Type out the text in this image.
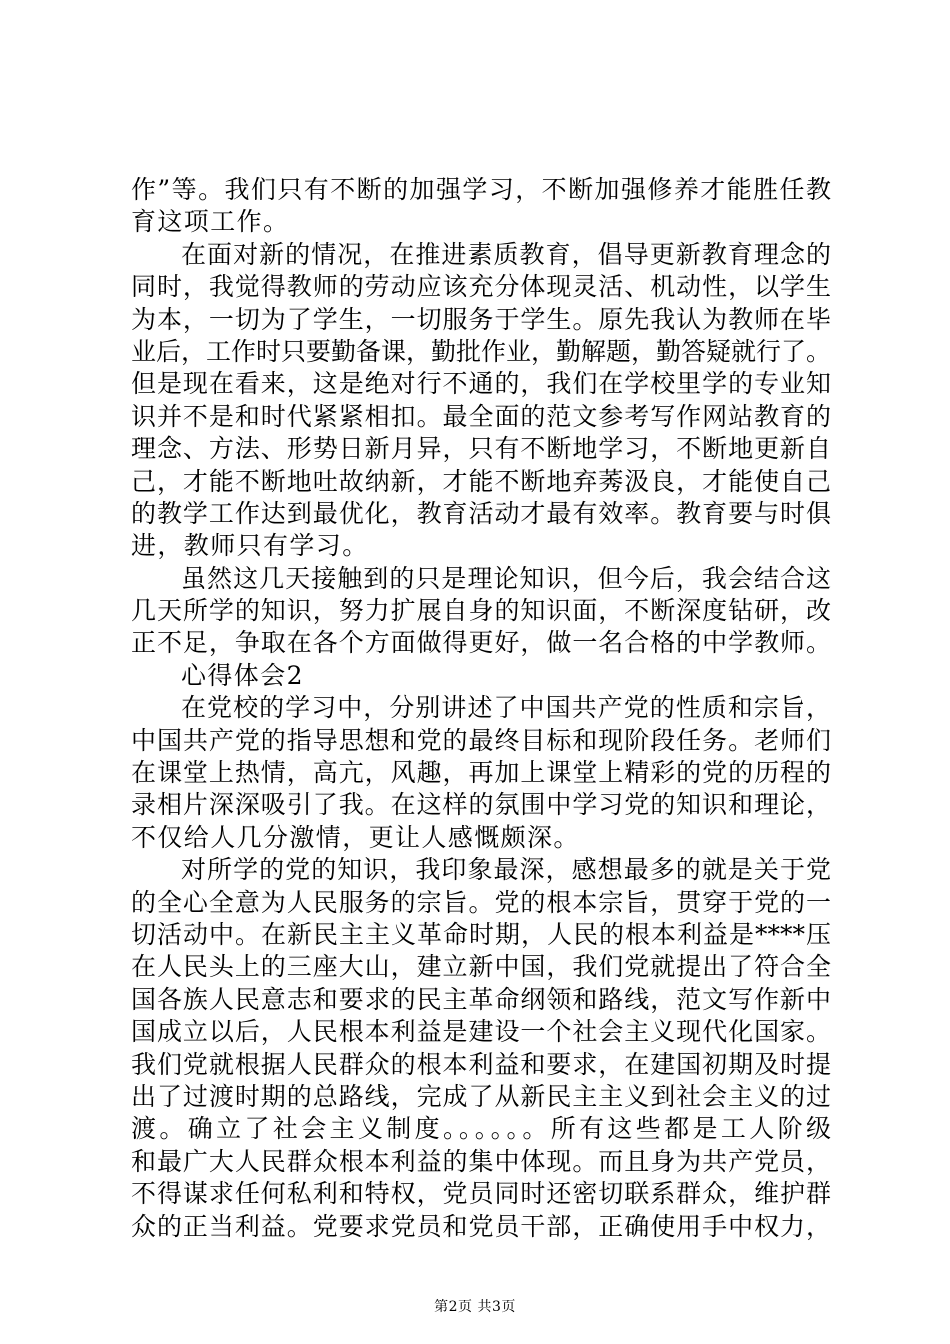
作”等。我们只有不断的加强学习，不断加强修养才能胜任教
育这项工作。
在面对新的情况，在推进素质教育，倡导更新教育理念的
同时，我觉得教师的劳动应该充分体现灵活、机动性，以学生
为本，一切为了学生，一切服务于学生。原先我认为教师在毕
业后，工作时只要勤备课，勤批作业，勤解题，勤答疑就行了。
但是现在看来，这是绝对行不通的，我们在学校里学的专业知
识并不是和时代紧紧相扣。最全面的范文参考写作网站教育的
理念、方法、形势日新月异，只有不断地学习，不断地更新自
己，才能不断地吐故纳新，才能不断地弃莠汲良，才能使自己
的教学工作达到最优化，教育活动才最有效率。教育要与时俱
进，教师只有学习。
虽然这几天接触到的只是理论知识，但今后，我会结合这
几天所学的知识，努力扩展自身的知识面，不断深度钻研，改
正不足，争取在各个方面做得更好，做一名合格的中学教师。
心得体会2
在党校的学习中，分别讲述了中国共产党的性质和宗旨，
中国共产党的指导思想和党的最终目标和现阶段任务。老师们
在课堂上热情，高亢，风趣，再加上课堂上精彩的党的历程的
录相片深深吸引了我。在这样的氛围中学习党的知识和理论，
不仅给人几分激情，更让人感慨颇深。
对所学的党的知识，我印象最深，感想最多的就是关于党
的全心全意为人民服务的宗旨。党的根本宗旨，贯穿于党的一
切活动中。在新民主主义革命时期，人民的根本利益是****压
在人民头上的三座大山，建立新中国，我们党就提出了符合全
国各族人民意志和要求的民主革命纲领和路线，范文写作新中
国成立以后，人民根本利益是建设一个社会主义现代化国家。
我们党就根据人民群众的根本利益和要求，在建国初期及时提
出了过渡时期的总路线，完成了从新民主主义到社会主义的过
渡。确立了社会主义制度。。。。。。所有这些都是工人阶级
和最广大人民群众根本利益的集中体现。而且身为共产党员，
不得谋求任何私利和特权，党员同时还密切联系群众，维护群
众的正当利益。党要求党员和党员干部，正确使用手中权力，
第2页 共3页
